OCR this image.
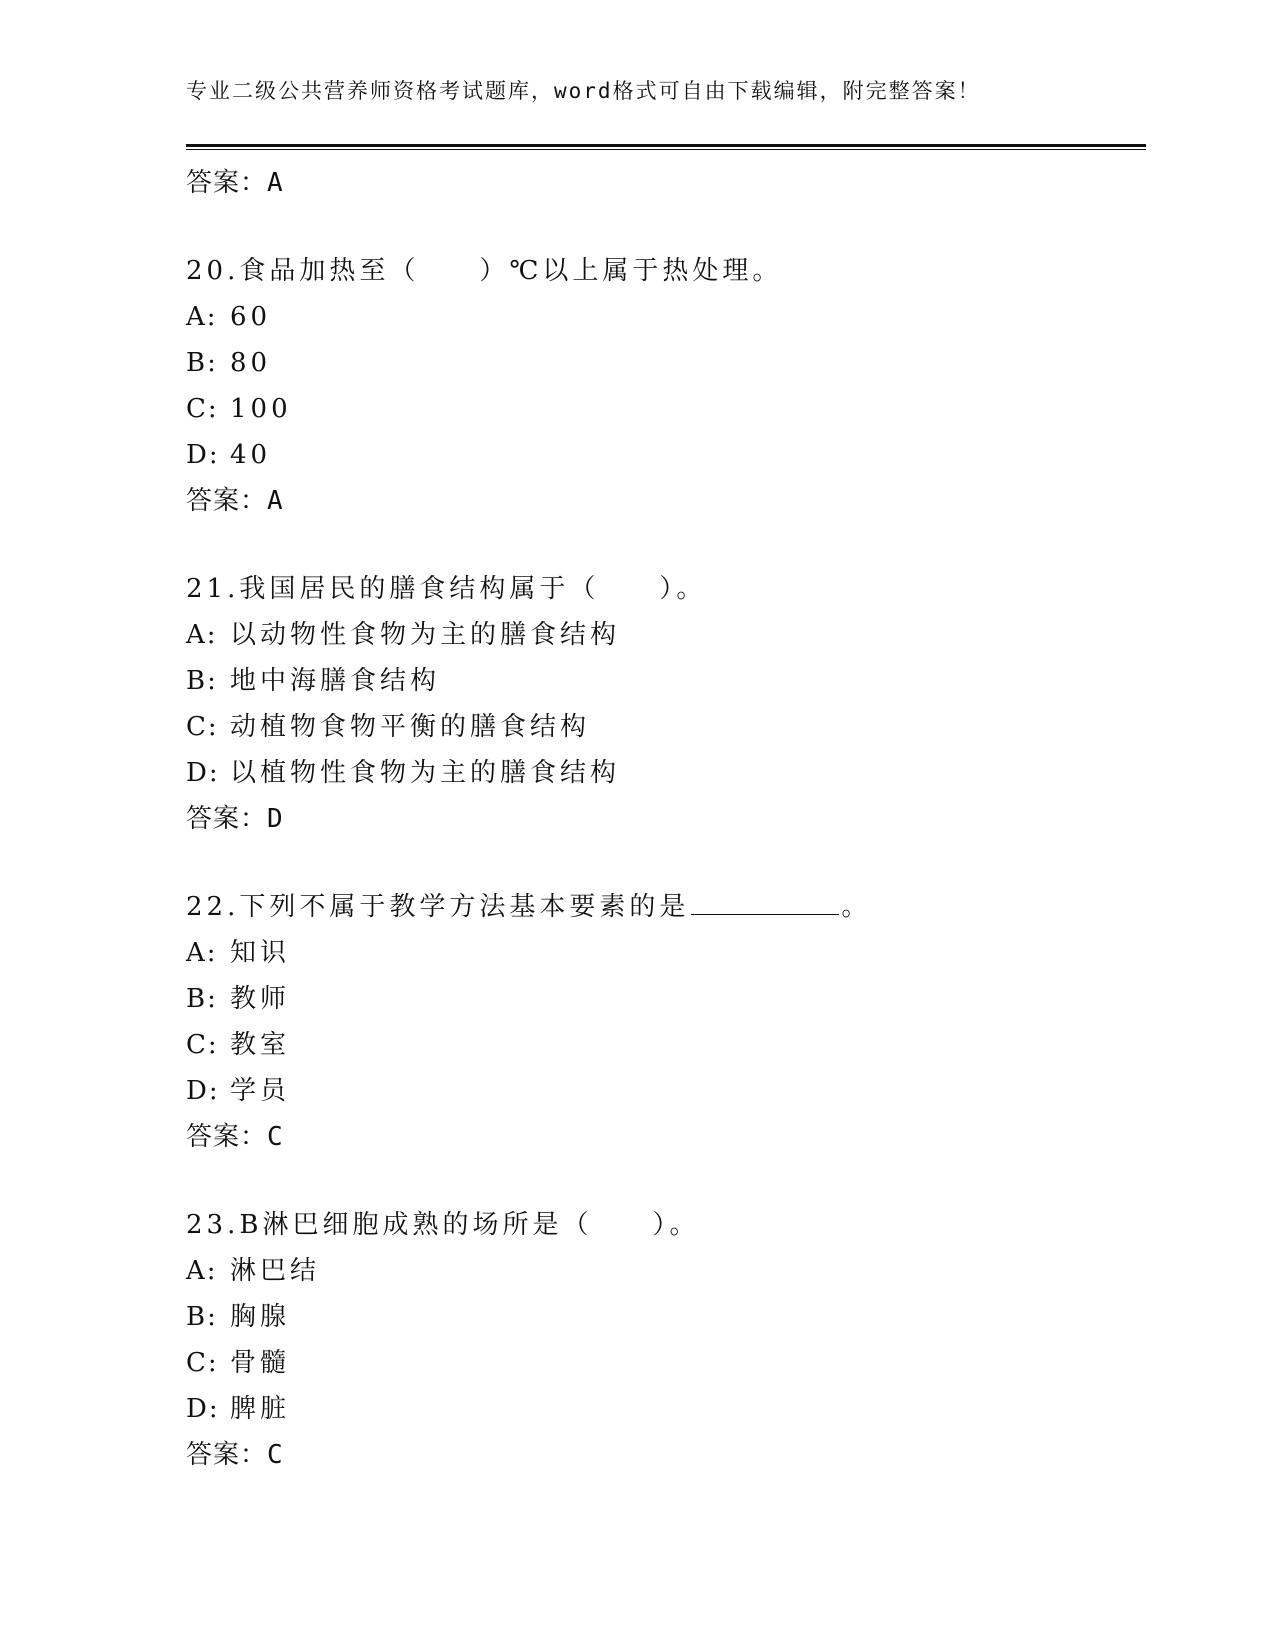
专业二级公共营养师资格考试题库，word格式可自由下载编辑，附完整答案！
答案：A
20.食品加热至（　　）℃以上属于热处理。
A: 60
B: 80
C: 100
D: 40
答案：A
21.我国居民的膳食结构属于（　　）。
A: 以动物性食物为主的膳食结构
B: 地中海膳食结构
C: 动植物食物平衡的膳食结构
D: 以植物性食物为主的膳食结构
答案：D
22.下列不属于教学方法基本要素的是	。
A: 知识
B: 教师
C: 教室
D: 学员
答案：C
23.B淋巴细胞成熟的场所是（　　）。
A: 淋巴结
B: 胸腺
C: 骨髓
D: 脾脏
答案：C
